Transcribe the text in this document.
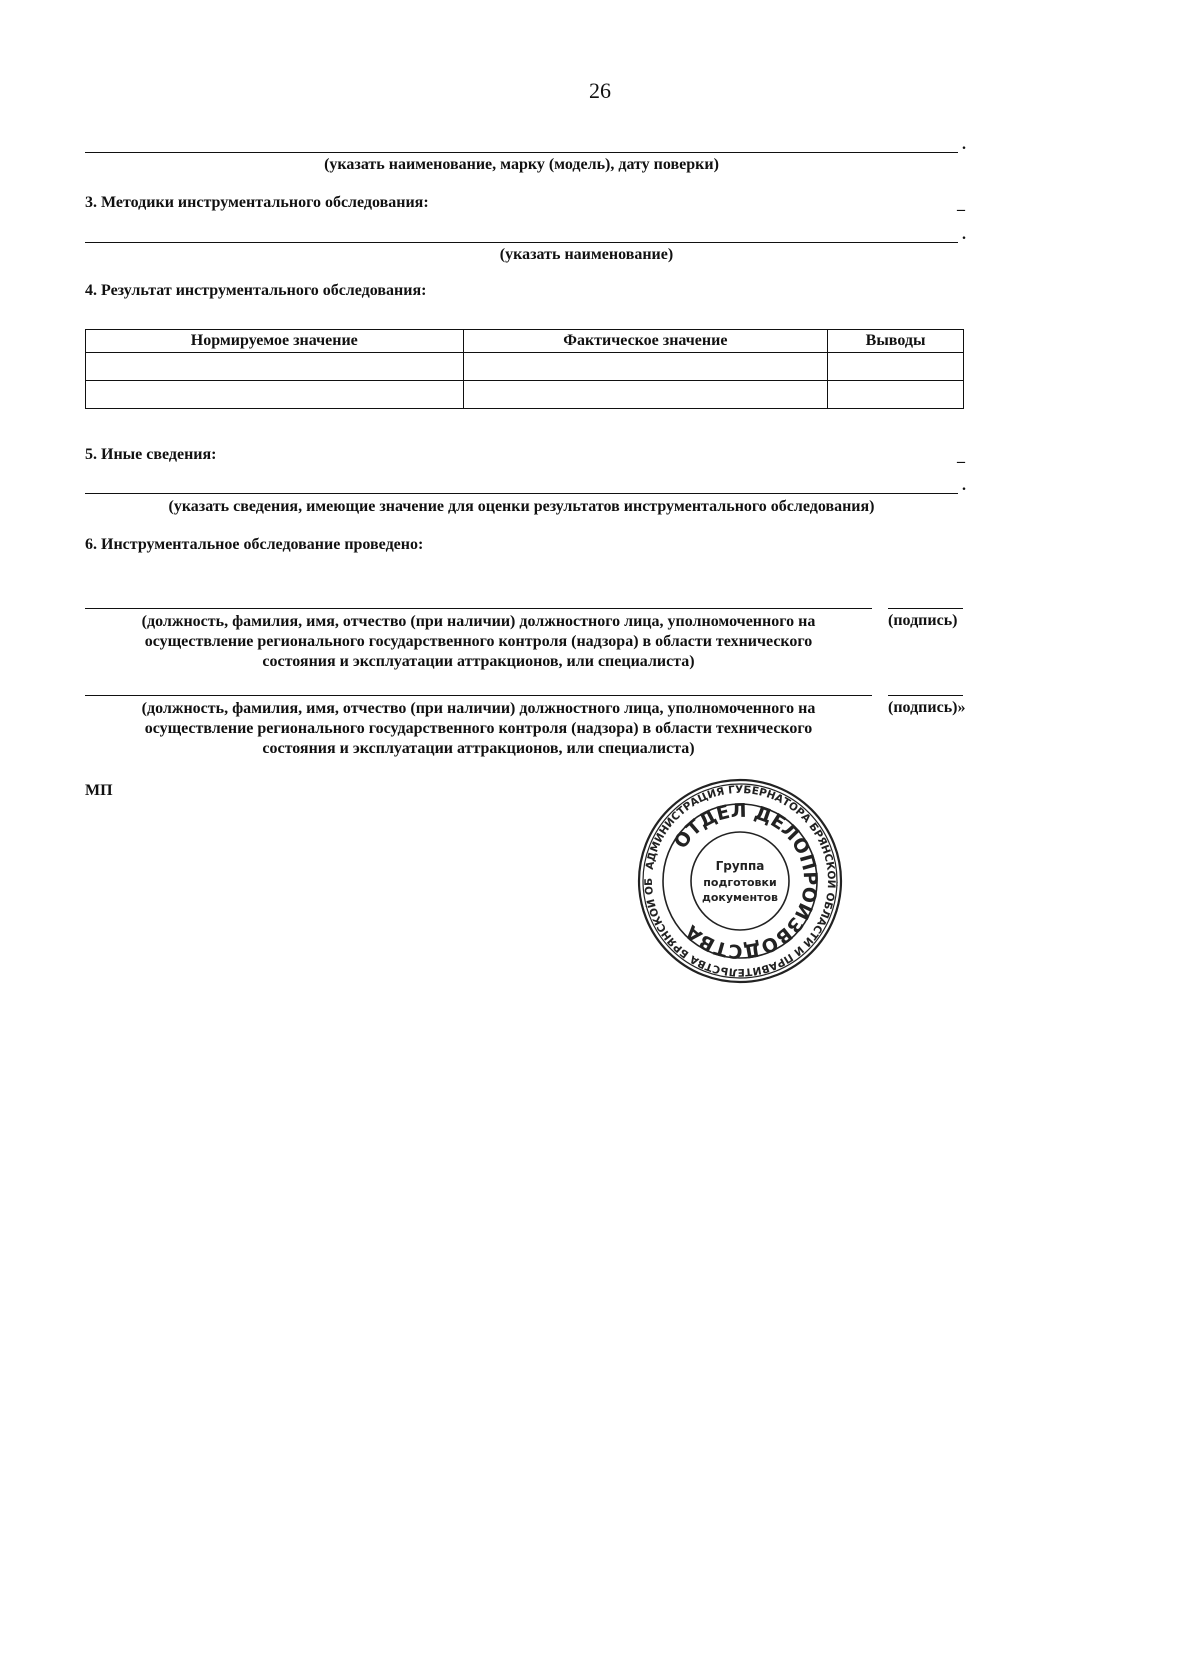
26
.
(указать наименование, марку (модель), дату поверки)
3. Методики инструментального обследования:	_
.
(указать наименование)
4. Результат инструментального обследования:
Нормируемое значение	Фактическое значение	Выводы

5. Иные сведения:	_
.
(указать сведения, имеющие значение для оценки результатов инструментального обследования)
6. Инструментальное обследование проведено:
(должность, фамилия, имя, отчество (при наличии) должностного лица, уполномоченного на
осуществление регионального государственного контроля (надзора) в области технического
состояния и эксплуатации аттракционов, или специалиста)
(подпись)
(должность, фамилия, имя, отчество (при наличии) должностного лица, уполномоченного на
осуществление регионального государственного контроля (надзора) в области технического
состояния и эксплуатации аттракционов, или специалиста)
(подпись)»
МП
АДМИНИСТРАЦИЯ ГУБЕРНАТОРА БРЯНСКОЙ ОБЛАСТИ И ПРАВИТЕЛЬСТВА БРЯНСКОЙ ОБ
ОТДЕЛ ДЕЛОПРОИЗВОДСТВА
Группа
подготовки
документов
